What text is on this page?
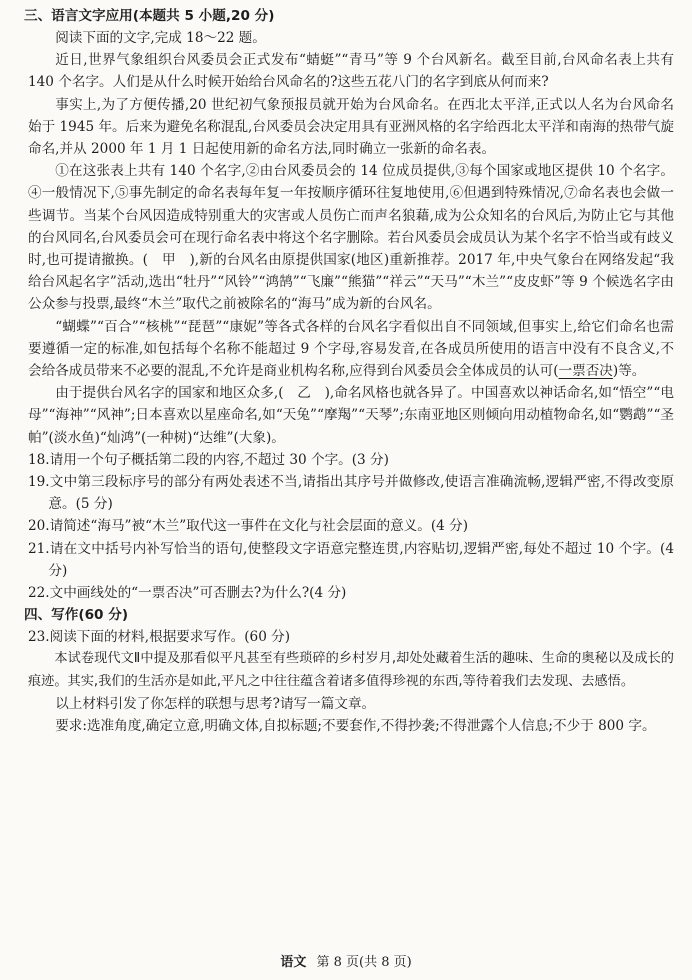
三、语言文字应用(本题共 5 小题,20 分)

阅读下面的文字,完成 18～22 题。

近日,世界气象组织台风委员会正式发布“蜻蜓”“青马”等 9 个台风新名。截至目前,台风命名表上共有 140 个名字。人们是从什么时候开始给台风命名的?这些五花八门的名字到底从何而来?

事实上,为了方便传播,20 世纪初气象预报员就开始为台风命名。在西北太平洋,正式以人名为台风命名始于 1945 年。后来为避免名称混乱,台风委员会决定用具有亚洲风格的名字给西北太平洋和南海的热带气旋命名,并从 2000 年 1 月 1 日起使用新的命名方法,同时确立一张新的命名表。

①在这张表上共有 140 个名字,②由台风委员会的 14 位成员提供,③每个国家或地区提供 10 个名字。④一般情况下,⑤事先制定的命名表每年复一年按顺序循环往复地使用,⑥但遇到特殊情况,⑦命名表也会做一些调节。当某个台风因造成特别重大的灾害或人员伤亡而声名狼藉,成为公众知名的台风后,为防止它与其他的台风同名,台风委员会可在现行命名表中将这个名字删除。若台风委员会成员认为某个名字不恰当或有歧义时,也可提请撤换。(　甲　),新的台风名由原提供国家(地区)重新推荐。2017 年,中央气象台在网络发起“我给台风起名字”活动,选出“牡丹”“风铃”“鸿鹄”“飞廉”“熊猫”“祥云”“天马”“木兰”“皮皮虾”等 9 个候选名字由公众参与投票,最终“木兰”取代之前被除名的“海马”成为新的台风名。

“蝴蝶”“百合”“核桃”“琵琶”“康妮”等各式各样的台风名字看似出自不同领域,但事实上,给它们命名也需要遵循一定的标准,如包括每个名称不能超过 9 个字母,容易发音,在各成员所使用的语言中没有不良含义,不会给各成员带来不必要的混乱,不允许是商业机构名称,应得到台风委员会全体成员的认可(一票否决)等。

由于提供台风名字的国家和地区众多,(　乙　),命名风格也就各异了。中国喜欢以神话命名,如“悟空”“电母”“海神”“风神”;日本喜欢以星座命名,如“天兔”“摩羯”“天琴”;东南亚地区则倾向用动植物命名,如“鹦鹉”“圣帕”(淡水鱼)“灿鸿”(一种树)“达维”(大象)。

18.请用一个句子概括第二段的内容,不超过 30 个字。(3 分)

19.文中第三段标序号的部分有两处表述不当,请指出其序号并做修改,使语言准确流畅,逻辑严密,不得改变原意。(5 分)

20.请简述“海马”被“木兰”取代这一事件在文化与社会层面的意义。(4 分)

21.请在文中括号内补写恰当的语句,使整段文字语意完整连贯,内容贴切,逻辑严密,每处不超过 10 个字。(4 分)

22.文中画线处的“一票否决”可否删去?为什么?(4 分)

四、写作(60 分)

23.阅读下面的材料,根据要求写作。(60 分)

本试卷现代文Ⅱ中提及那看似平凡甚至有些琐碎的乡村岁月,却处处藏着生活的趣味、生命的奥秘以及成长的痕迹。其实,我们的生活亦是如此,平凡之中往往蕴含着诸多值得珍视的东西,等待着我们去发现、去感悟。

以上材料引发了你怎样的联想与思考?请写一篇文章。

要求:选准角度,确定立意,明确文体,自拟标题;不要套作,不得抄袭;不得泄露个人信息;不少于 800 字。

语文 第 8 页(共 8 页)
